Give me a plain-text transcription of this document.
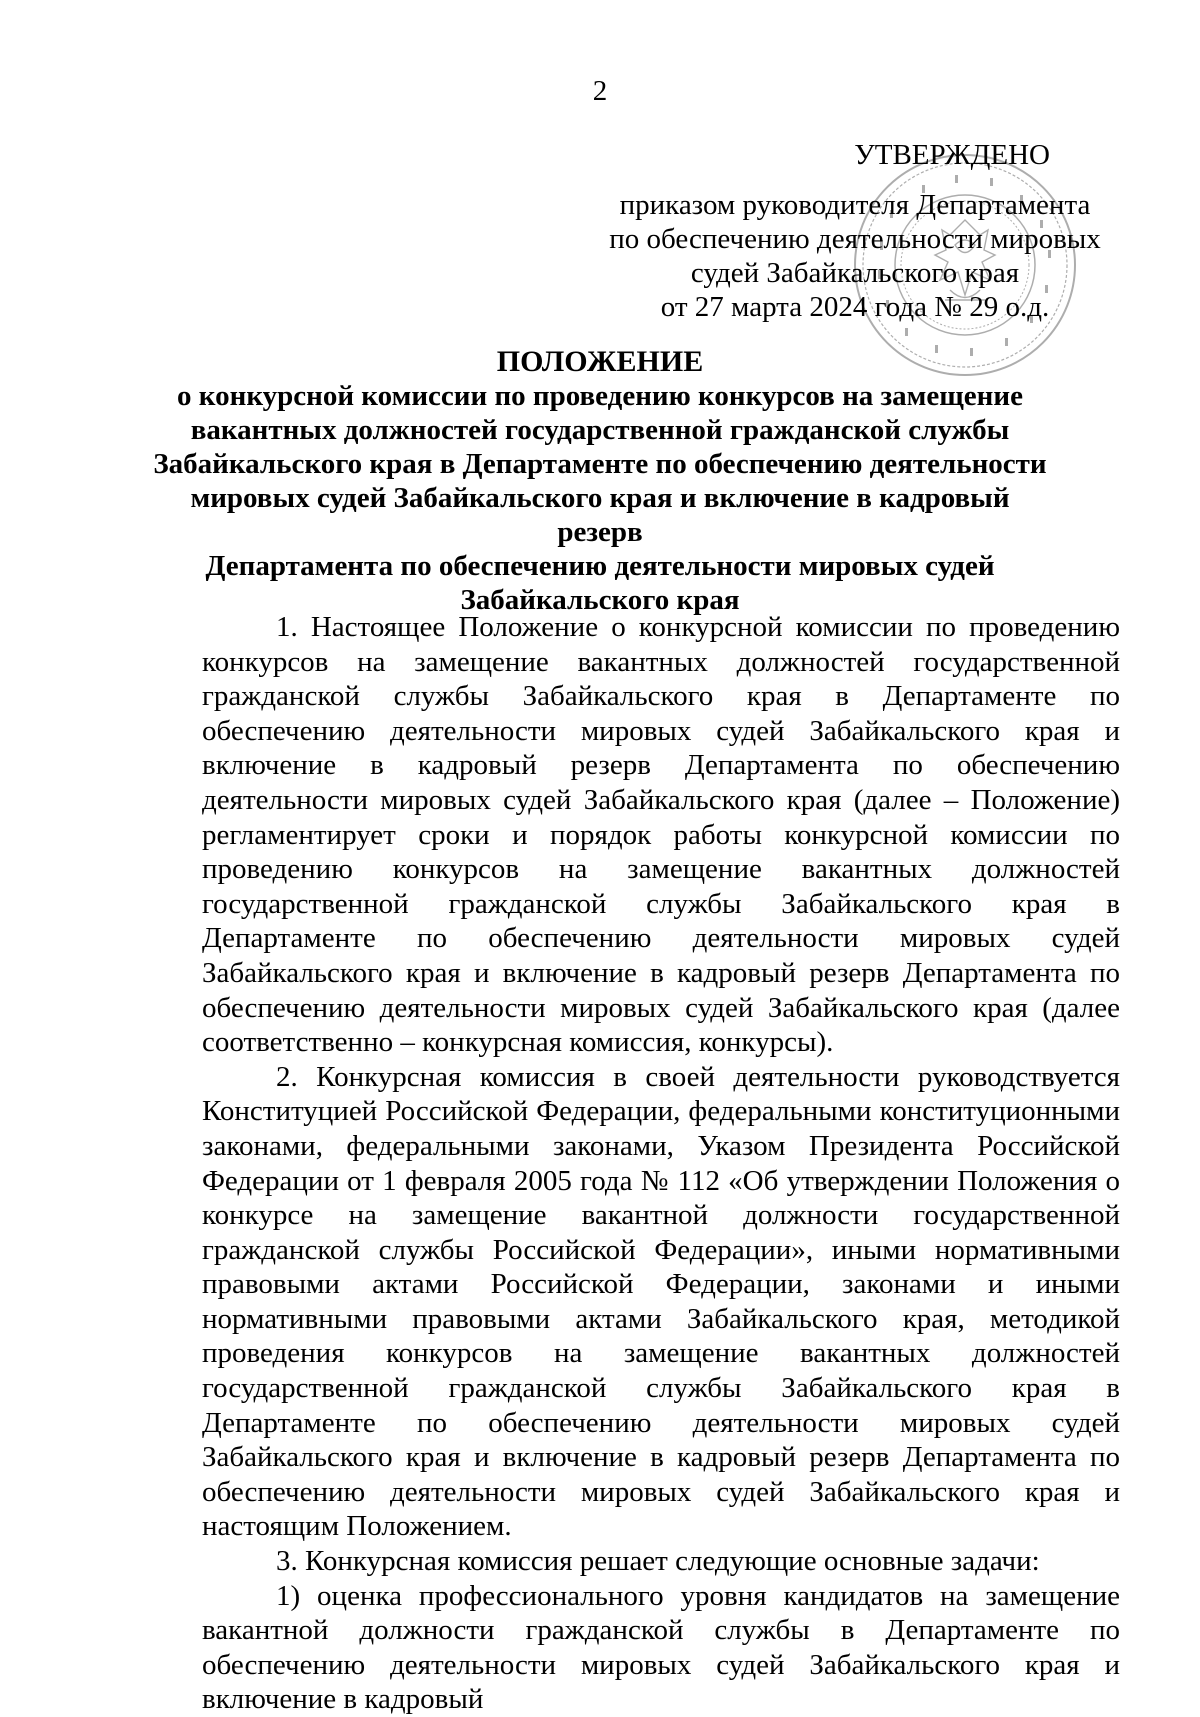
2
УТВЕРЖДЕНО
приказом руководителя Департамента
по обеспечению деятельности мировых
судей Забайкальского края
от 27 марта 2024 года № 29 о.д.
ПОЛОЖЕНИЕ
о конкурсной комиссии по проведению конкурсов на замещение
вакантных должностей государственной гражданской службы
Забайкальского края в Департаменте по обеспечению деятельности
мировых судей Забайкальского края и включение в кадровый резерв
Департамента по обеспечению деятельности мировых судей
Забайкальского края

1. Настоящее Положение о конкурсной комиссии по проведению конкурсов на замещение вакантных должностей государственной гражданской службы Забайкальского края в Департаменте по обеспечению деятельности мировых судей Забайкальского края и включение в кадровый резерв Департамента по обеспечению деятельности мировых судей Забайкальского края (далее – Положение) регламентирует сроки и порядок работы конкурсной комиссии по проведению конкурсов на замещение вакантных должностей государственной гражданской службы Забайкальского края в Департаменте по обеспечению деятельности мировых судей Забайкальского края и включение в кадровый резерв Департамента по обеспечению деятельности мировых судей Забайкальского края (далее соответственно – конкурсная комиссия, конкурсы).

2. Конкурсная комиссия в своей деятельности руководствуется Конституцией Российской Федерации, федеральными конституционными законами, федеральными законами, Указом Президента Российской Федерации от 1 февраля 2005 года № 112 «Об утверждении Положения о конкурсе на замещение вакантной должности государственной гражданской службы Российской Федерации», иными нормативными правовыми актами Российской Федерации, законами и иными нормативными правовыми актами Забайкальского края, методикой проведения конкурсов на замещение вакантных должностей государственной гражданской службы Забайкальского края в Департаменте по обеспечению деятельности мировых судей Забайкальского края и включение в кадровый резерв Департамента по обеспечению деятельности мировых судей Забайкальского края и настоящим Положением.

3. Конкурсная комиссия решает следующие основные задачи:

1) оценка профессионального уровня кандидатов на замещение вакантной должности гражданской службы в Департаменте по обеспечению деятельности мировых судей Забайкальского края и включение в кадровый
